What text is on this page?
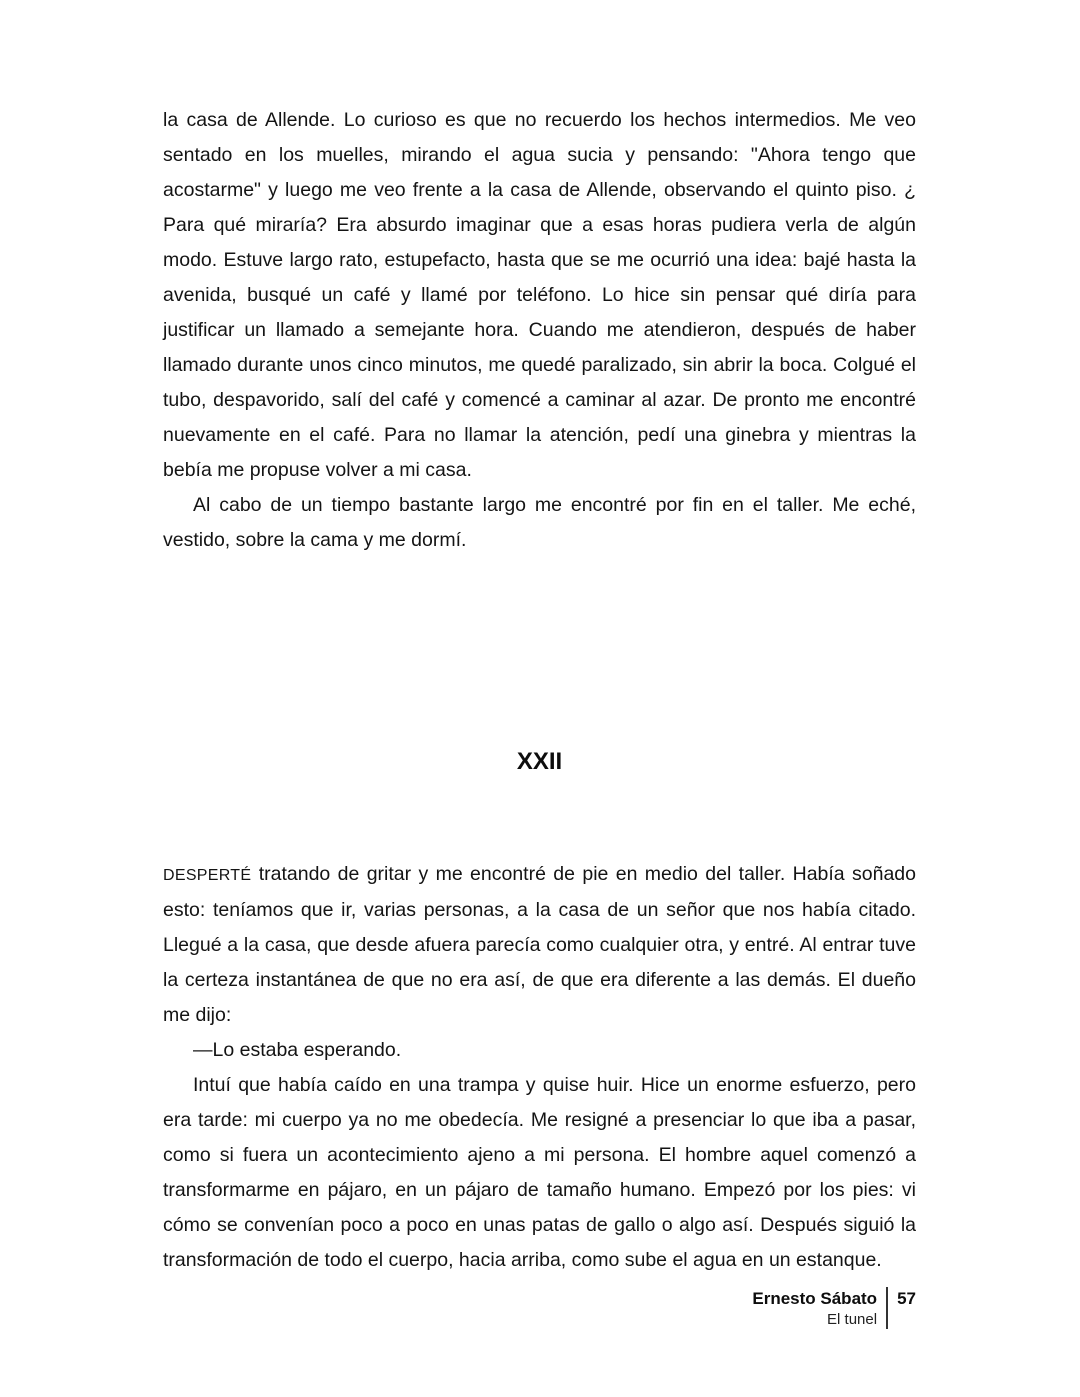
la casa de Allende. Lo curioso es que no recuerdo los hechos intermedios. Me veo sentado en los muelles, mirando el agua sucia y pensando: "Ahora tengo que acostarme" y luego me veo frente a la casa de Allende, observando el quinto piso. ¿ Para qué miraría? Era absurdo imaginar que a esas horas pudiera verla de algún modo. Estuve largo rato, estupefacto, hasta que se me ocurrió una idea: bajé hasta la avenida, busqué un café y llamé por teléfono. Lo hice sin pensar qué diría para justificar un llamado a semejante hora. Cuando me atendieron, después de haber llamado durante unos cinco minutos, me quedé paralizado, sin abrir la boca. Colgué el tubo, despavorido, salí del café y comencé a caminar al azar. De pronto me encontré nuevamente en el café. Para no llamar la atención, pedí una ginebra y mientras la bebía me propuse volver a mi casa.

Al cabo de un tiempo bastante largo me encontré por fin en el taller. Me eché, vestido, sobre la cama y me dormí.

XXII

DESPERTÉ tratando de gritar y me encontré de pie en medio del taller. Había soñado esto: teníamos que ir, varias personas, a la casa de un señor que nos había citado. Llegué a la casa, que desde afuera parecía como cualquier otra, y entré. Al entrar tuve la certeza instantánea de que no era así, de que era diferente a las demás. El dueño me dijo:

—Lo estaba esperando.

Intuí que había caído en una trampa y quise huir. Hice un enorme esfuerzo, pero era tarde: mi cuerpo ya no me obedecía. Me resigné a presenciar lo que iba a pasar, como si fuera un acontecimiento ajeno a mi persona. El hombre aquel comenzó a transformarme en pájaro, en un pájaro de tamaño humano. Empezó por los pies: vi cómo se convenían poco a poco en unas patas de gallo o algo así. Después siguió la transformación de todo el cuerpo, hacia arriba, como sube el agua en un estanque.

Ernesto Sábato
El tunel
57
